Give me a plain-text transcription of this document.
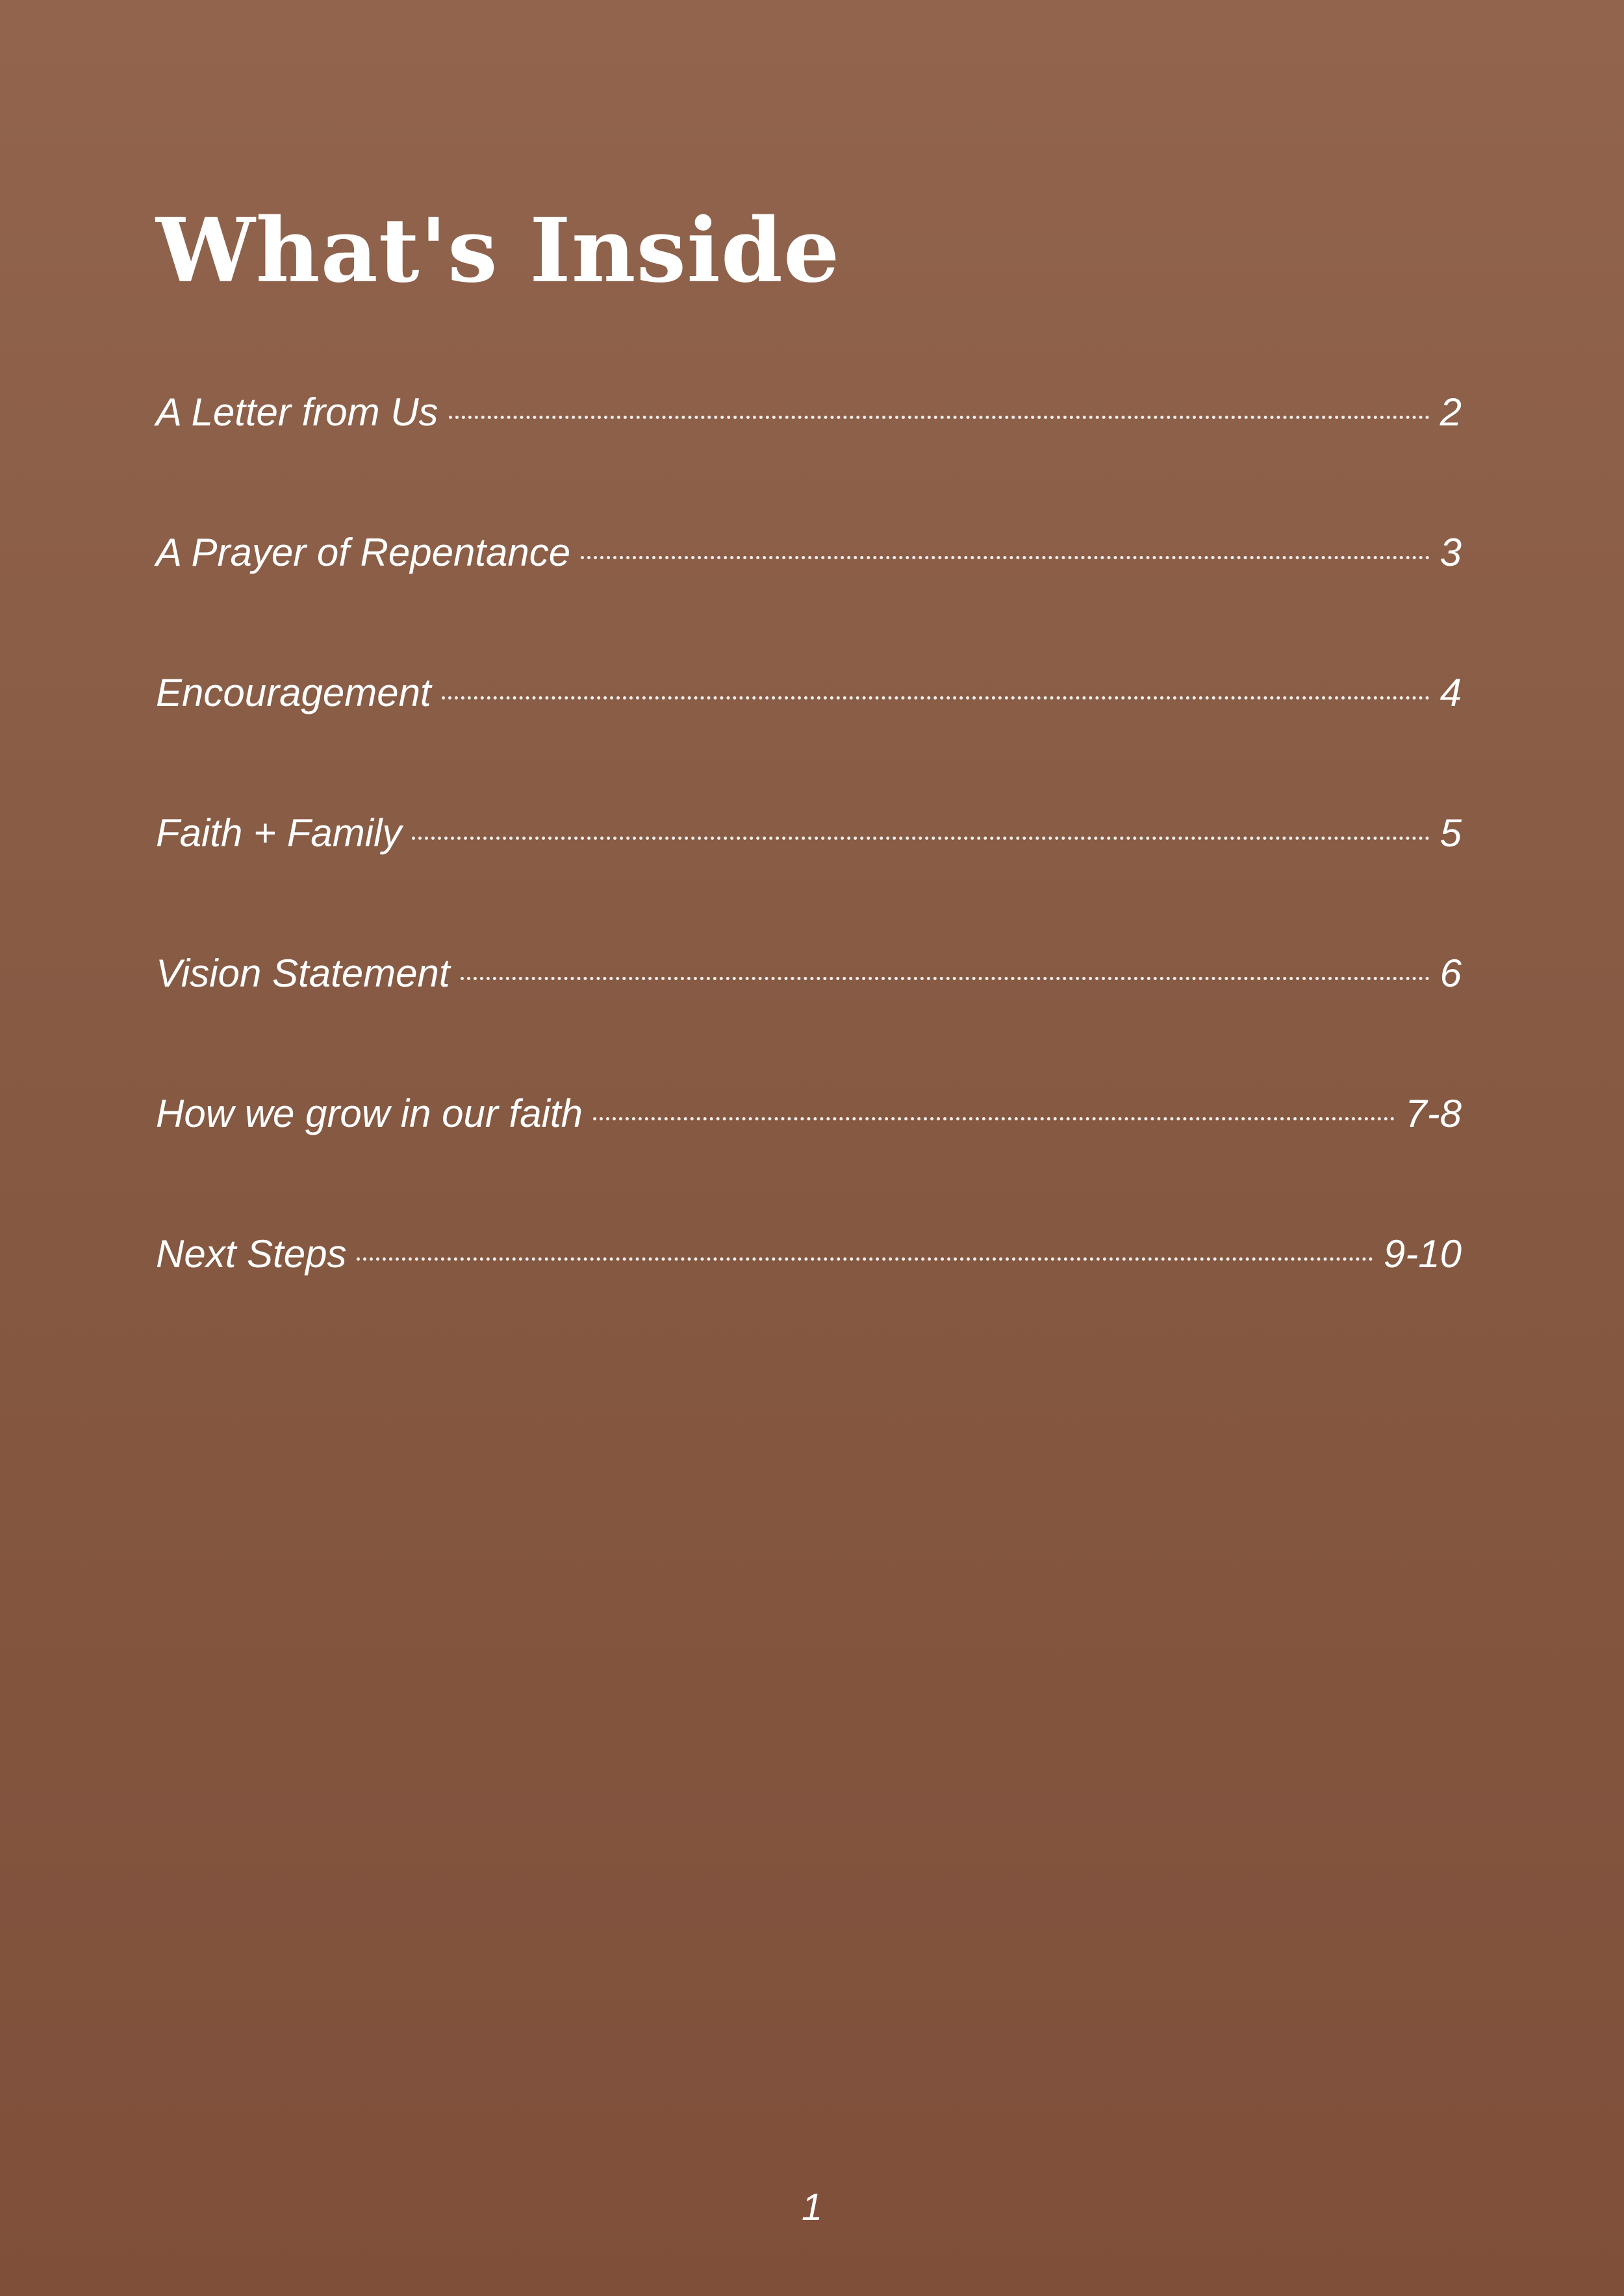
What's Inside
A Letter from Us	2
A Prayer of Repentance	3
Encouragement	4
Faith + Family	5
Vision Statement	6
How we grow in our faith	7-8
Next Steps	9-10
1
